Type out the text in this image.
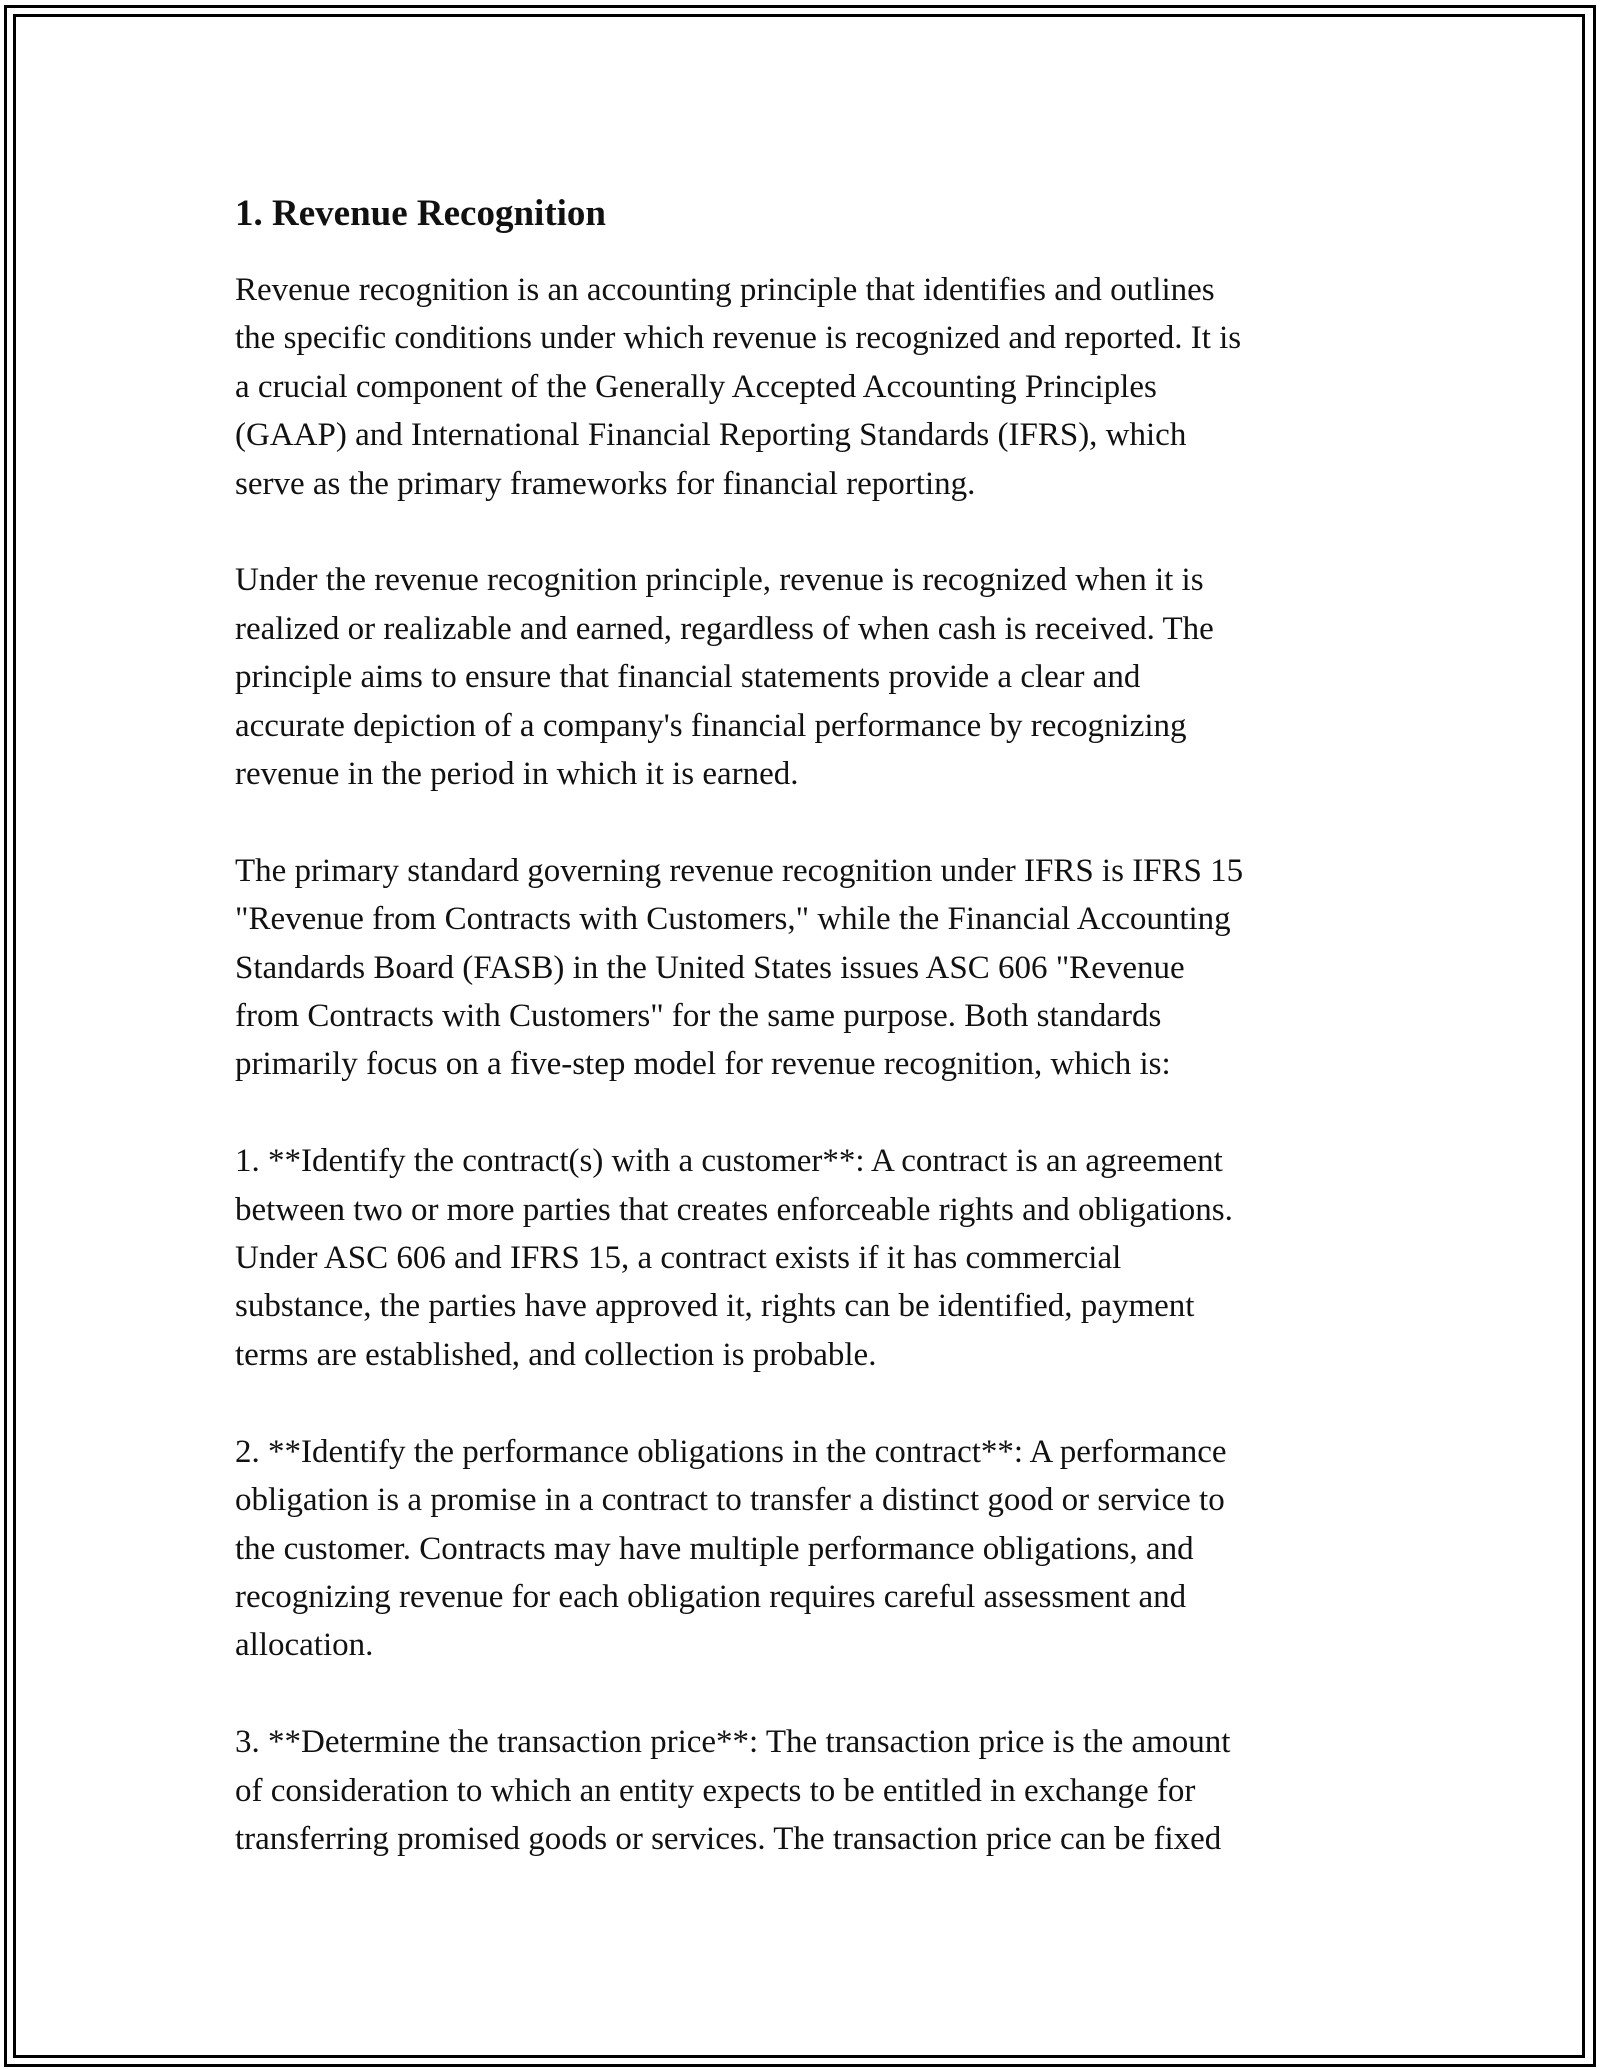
1. Revenue Recognition

Revenue recognition is an accounting principle that identifies and outlines
the specific conditions under which revenue is recognized and reported. It is
a crucial component of the Generally Accepted Accounting Principles
(GAAP) and International Financial Reporting Standards (IFRS), which
serve as the primary frameworks for financial reporting.

Under the revenue recognition principle, revenue is recognized when it is
realized or realizable and earned, regardless of when cash is received. The
principle aims to ensure that financial statements provide a clear and
accurate depiction of a company's financial performance by recognizing
revenue in the period in which it is earned.

The primary standard governing revenue recognition under IFRS is IFRS 15
"Revenue from Contracts with Customers," while the Financial Accounting
Standards Board (FASB) in the United States issues ASC 606 "Revenue
from Contracts with Customers" for the same purpose. Both standards
primarily focus on a five-step model for revenue recognition, which is:

1. **Identify the contract(s) with a customer**: A contract is an agreement
between two or more parties that creates enforceable rights and obligations.
Under ASC 606 and IFRS 15, a contract exists if it has commercial
substance, the parties have approved it, rights can be identified, payment
terms are established, and collection is probable.

2. **Identify the performance obligations in the contract**: A performance
obligation is a promise in a contract to transfer a distinct good or service to
the customer. Contracts may have multiple performance obligations, and
recognizing revenue for each obligation requires careful assessment and
allocation.

3. **Determine the transaction price**: The transaction price is the amount
of consideration to which an entity expects to be entitled in exchange for
transferring promised goods or services. The transaction price can be fixed
